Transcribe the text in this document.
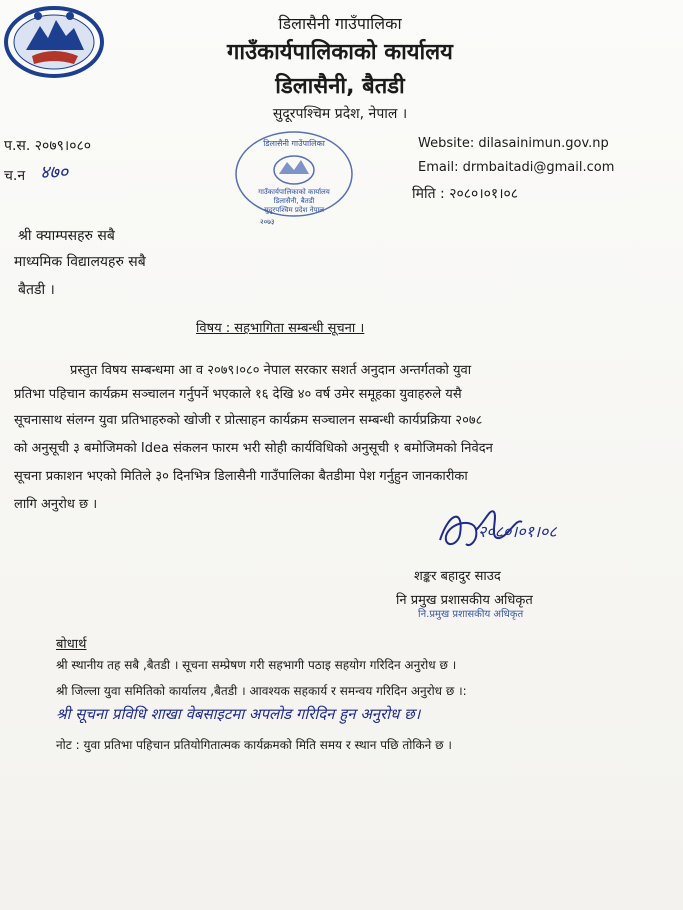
डिलासैनी गाउँपालिका
गाउँकार्यपालिकाको कार्यालय
डिलासैनी, बैतडी
सुदूरपश्चिम प्रदेश, नेपाल ।
डिलासैनी गाउँपालिका
गाउँकार्यपालिकाको कार्यालय
डिलासैनी, बैतडी
सुदूरपश्चिम प्रदेश नेपाल
२०७३
प.स. २०७९।०८०
च.न ४७०
Website: dilasainimun.gov.np
Email: drmbaitadi@gmail.com
मिति : २०८०।०१।०८
श्री क्याम्पसहरु सबै
माध्यमिक विद्यालयहरु सबै
बैतडी ।
विषय : सहभागिता सम्बन्धी सूचना ।
प्रस्तुत विषय सम्बन्धमा आ व २०७९।०८० नेपाल सरकार सशर्त अनुदान अन्तर्गतको युवा
प्रतिभा पहिचान कार्यक्रम सञ्चालन गर्नुपर्ने भएकाले १६ देखि ४० वर्ष उमेर समूहका युवाहरुले यसै
सूचनासाथ संलग्न युवा प्रतिभाहरुको खोजी र प्रोत्साहन कार्यक्रम सञ्चालन सम्बन्धी कार्यप्रक्रिया २०७८
को अनुसूची ३ बमोजिमको Idea संकलन फारम भरी सोही कार्यविधिको अनुसूची १ बमोजिमको निवेदन
सूचना प्रकाशन भएको मितिले ३० दिनभित्र डिलासैनी गाउँपालिका बैतडीमा पेश गर्नुहुन जानकारीका
लागि अनुरोध छ ।
२०८०।०१।०८
शङ्कर बहादुर साउद
नि प्रमुख प्रशासकीय अधिकृत
नि.प्रमुख प्रशासकीय अधिकृत
बोधार्थ
श्री स्थानीय तह सबै ,बैतडी । सूचना सम्प्रेषण गरी सहभागी पठाइ सहयोग गरिदिन अनुरोध छ ।
श्री जिल्ला युवा समितिको कार्यालय ,बैतडी । आवश्यक सहकार्य र समन्वय गरिदिन अनुरोध छ ।:
श्री सूचना प्रविधि शाखा वेबसाइटमा अपलोड गरिदिन हुन अनुरोध छ।
नोट : युवा प्रतिभा पहिचान प्रतियोगितात्मक कार्यक्रमको मिति समय र स्थान पछि तोकिने छ ।
